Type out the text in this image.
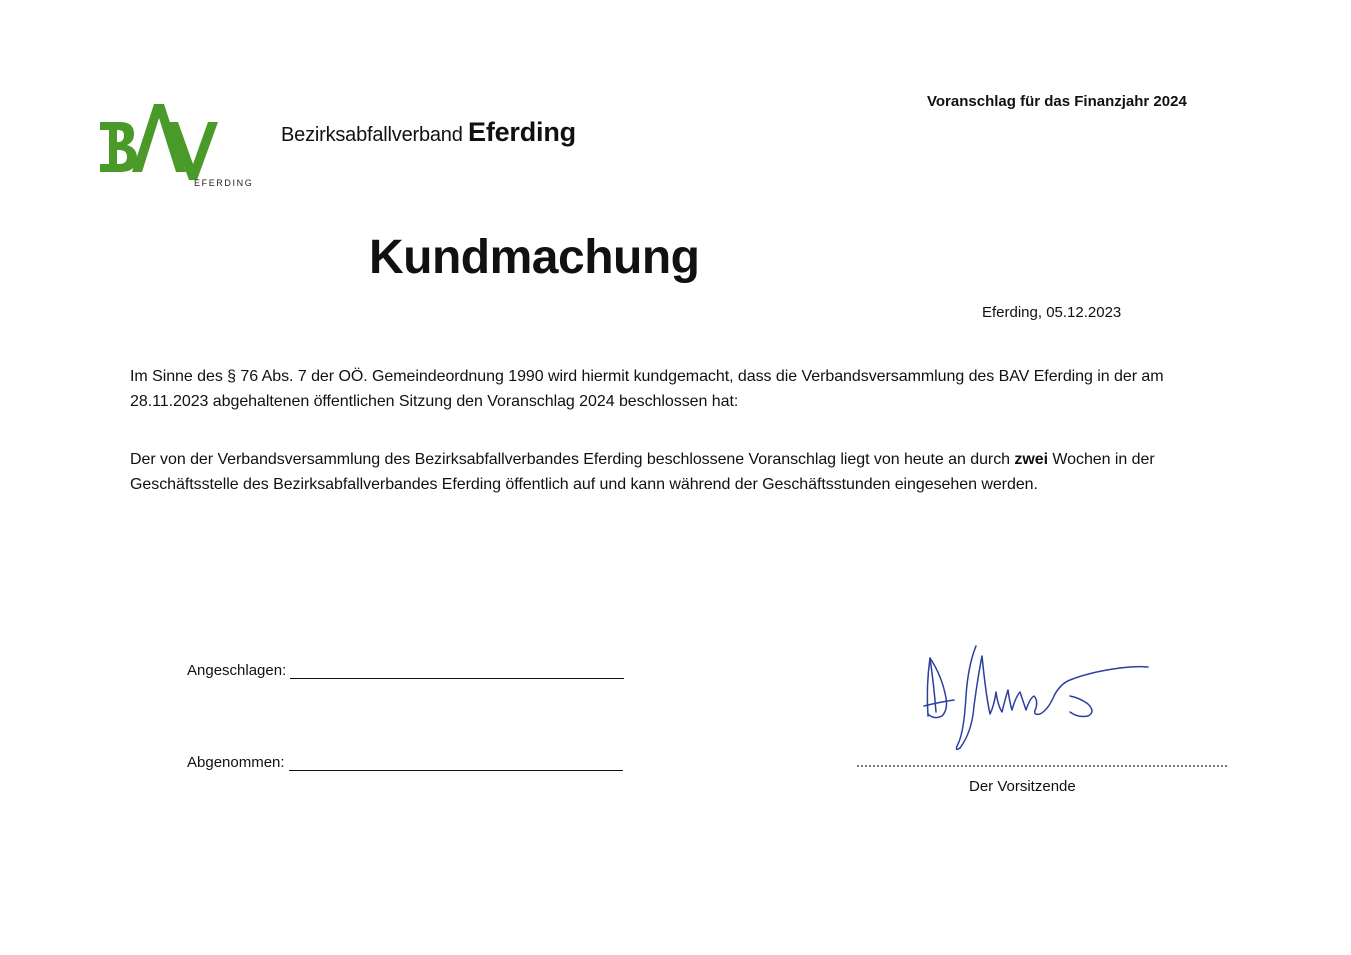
EFERDING
Bezirksabfallverband Eferding
Voranschlag für das Finanzjahr 2024
Kundmachung
Eferding, 05.12.2023
Im Sinne des § 76 Abs. 7 der OÖ. Gemeindeordnung 1990 wird hiermit kundgemacht, dass die Verbandsversammlung des BAV Eferding in der am 28.11.2023 abgehaltenen öffentlichen Sitzung den Voranschlag 2024 beschlossen hat:
Der von der Verbandsversammlung des Bezirksabfallverbandes Eferding beschlossene Voranschlag liegt von heute an durch zwei Wochen in der Geschäftsstelle des Bezirksabfallverbandes Eferding öffentlich auf und kann während der Geschäftsstunden eingesehen werden.
Angeschlagen:
Abgenommen:
Der Vorsitzende
